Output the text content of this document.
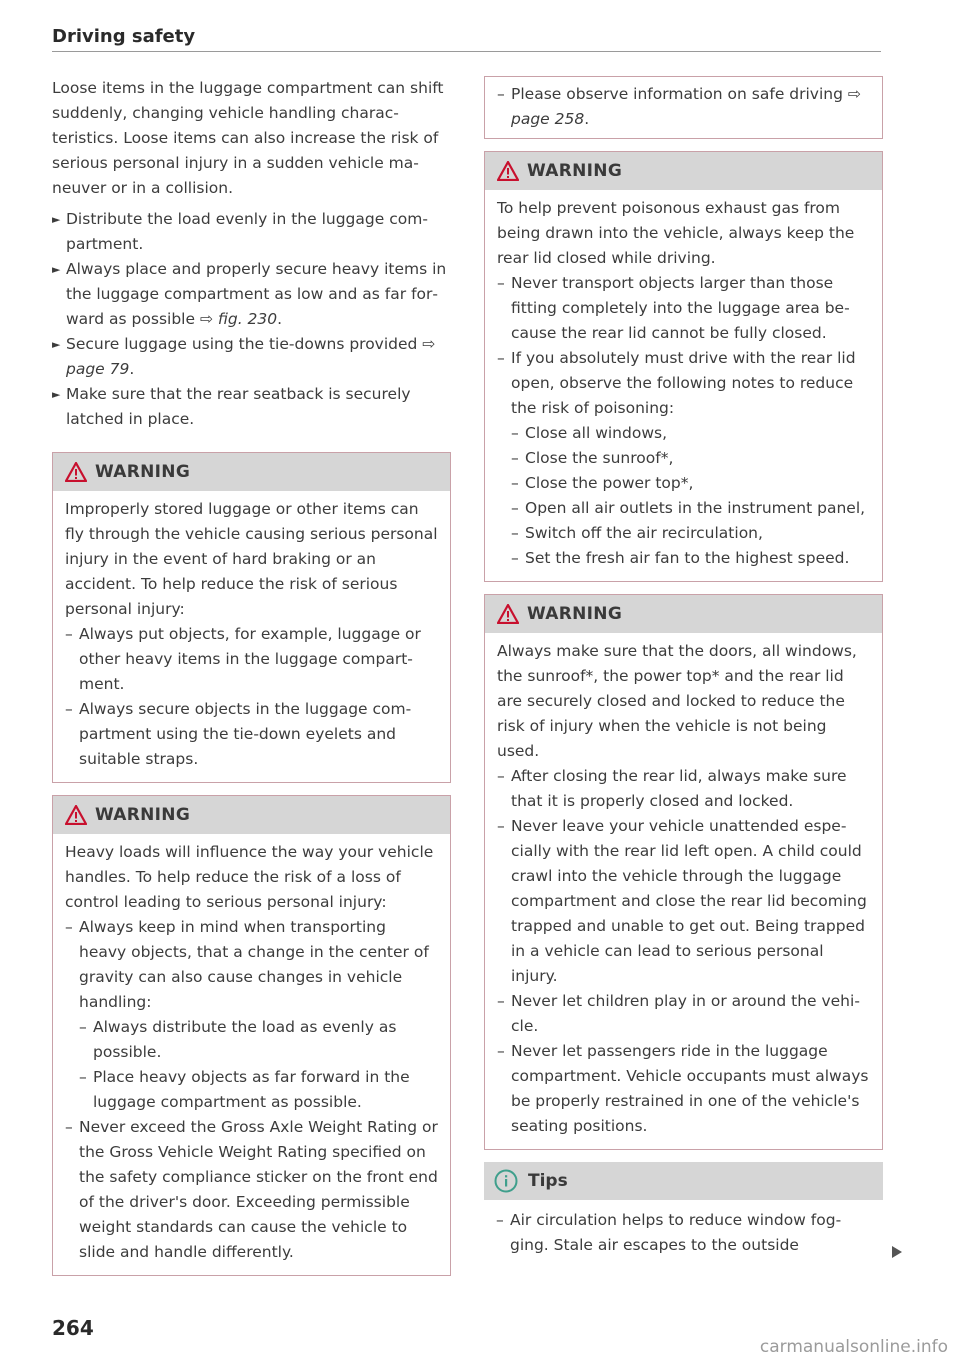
Driving safety

Loose items in the luggage compartment can shift suddenly, changing vehicle handling characteristics. Loose items can also increase the risk of serious personal injury in a sudden vehicle maneuver or in a collision.

► Distribute the load evenly in the luggage compartment.
► Always place and properly secure heavy items in the luggage compartment as low and as far forward as possible ⇨ fig. 230.
► Secure luggage using the tie-downs provided ⇨ page 79.
► Make sure that the rear seatback is securely latched in place.
WARNING

Improperly stored luggage or other items can fly through the vehicle causing serious personal injury in the event of hard braking or an accident. To help reduce the risk of serious personal injury:

– Always put objects, for example, luggage or other heavy items in the luggage compartment.
– Always secure objects in the luggage compartment using the tie-down eyelets and suitable straps.
WARNING

Heavy loads will influence the way your vehicle handles. To help reduce the risk of a loss of control leading to serious personal injury:

– Always keep in mind when transporting heavy objects, that a change in the center of gravity can also cause changes in vehicle handling:
– Always distribute the load as evenly as possible.
– Place heavy objects as far forward in the luggage compartment as possible.
– Never exceed the Gross Axle Weight Rating or the Gross Vehicle Weight Rating specified on the safety compliance sticker on the front end of the driver's door. Exceeding permissible weight standards can cause the vehicle to slide and handle differently.
– Please observe information on safe driving ⇨ page 258.
WARNING

To help prevent poisonous exhaust gas from being drawn into the vehicle, always keep the rear lid closed while driving.

– Never transport objects larger than those fitting completely into the luggage area because the rear lid cannot be fully closed.
– If you absolutely must drive with the rear lid open, observe the following notes to reduce the risk of poisoning:
– Close all windows,
– Close the sunroof*,
– Close the power top*,
– Open all air outlets in the instrument panel,
– Switch off the air recirculation,
– Set the fresh air fan to the highest speed.
WARNING

Always make sure that the doors, all windows, the sunroof*, the power top* and the rear lid are securely closed and locked to reduce the risk of injury when the vehicle is not being used.

– After closing the rear lid, always make sure that it is properly closed and locked.
– Never leave your vehicle unattended especially with the rear lid left open. A child could crawl into the vehicle through the luggage compartment and close the rear lid becoming trapped and unable to get out. Being trapped in a vehicle can lead to serious personal injury.
– Never let children play in or around the vehicle.
– Never let passengers ride in the luggage compartment. Vehicle occupants must always be properly restrained in one of the vehicle's seating positions.
Tips
– Air circulation helps to reduce window fogging. Stale air escapes to the outside
264
carmanualsonline.info
